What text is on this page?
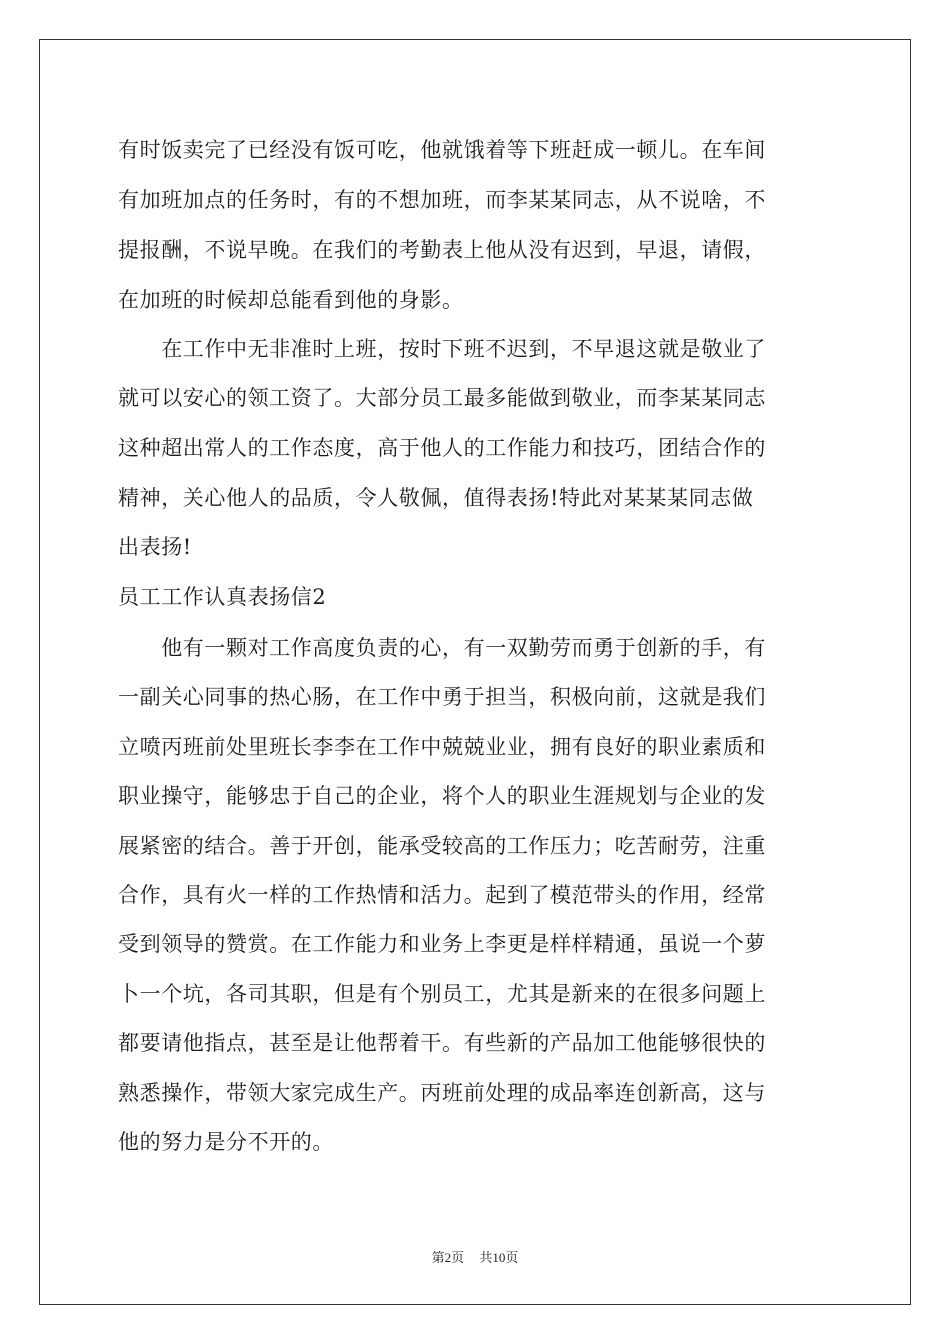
有时饭卖完了已经没有饭可吃，他就饿着等下班赶成一顿儿。在车间
有加班加点的任务时，有的不想加班，而李某某同志，从不说啥，不
提报酬，不说早晚。在我们的考勤表上他从没有迟到，早退，请假，
在加班的时候却总能看到他的身影。
　　在工作中无非准时上班，按时下班不迟到，不早退这就是敬业了
就可以安心的领工资了。大部分员工最多能做到敬业，而李某某同志
这种超出常人的工作态度，高于他人的工作能力和技巧，团结合作的
精神，关心他人的品质，令人敬佩，值得表扬!特此对某某某同志做
出表扬!
员工工作认真表扬信2
　　他有一颗对工作高度负责的心，有一双勤劳而勇于创新的手，有
一副关心同事的热心肠，在工作中勇于担当，积极向前，这就是我们
立喷丙班前处里班长李李在工作中兢兢业业，拥有良好的职业素质和
职业操守，能够忠于自己的企业，将个人的职业生涯规划与企业的发
展紧密的结合。善于开创，能承受较高的工作压力；吃苦耐劳，注重
合作，具有火一样的工作热情和活力。起到了模范带头的作用，经常
受到领导的赞赏。在工作能力和业务上李更是样样精通，虽说一个萝
卜一个坑，各司其职，但是有个别员工，尤其是新来的在很多问题上
都要请他指点，甚至是让他帮着干。有些新的产品加工他能够很快的
熟悉操作，带领大家完成生产。丙班前处理的成品率连创新高，这与
他的努力是分不开的。
第2页 共10页
